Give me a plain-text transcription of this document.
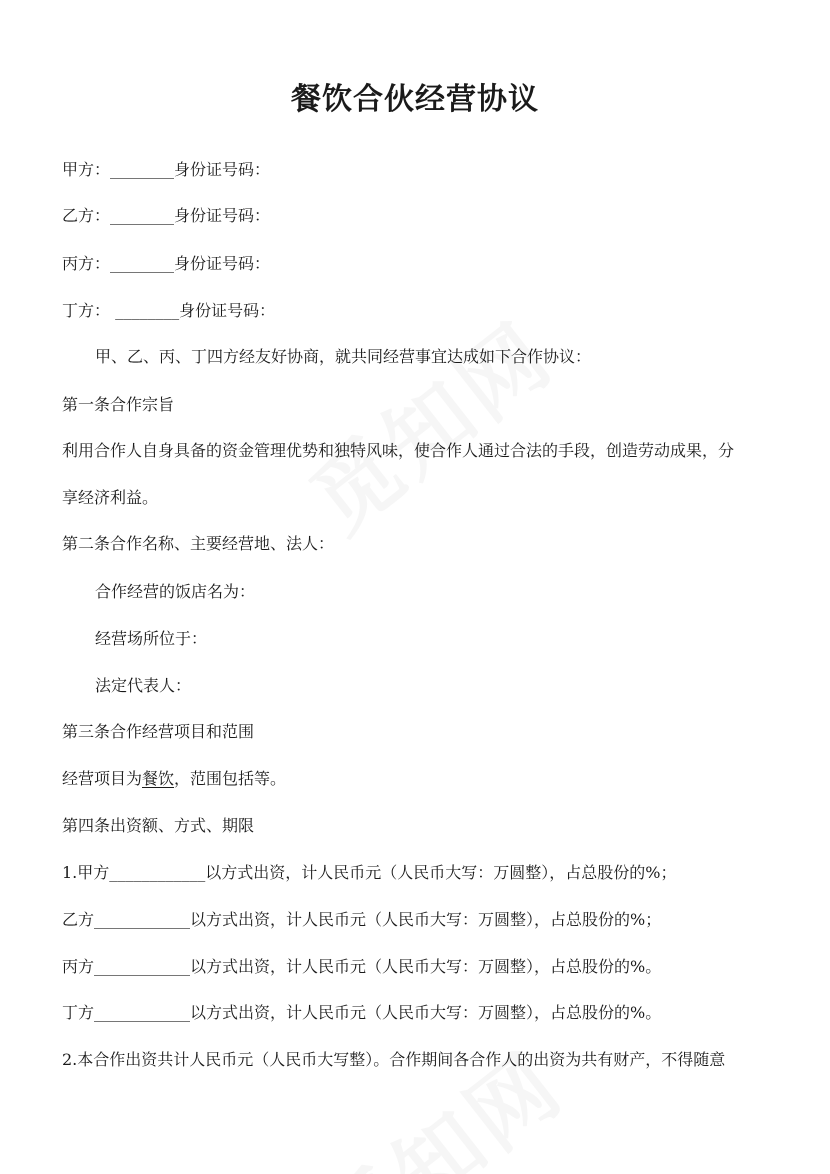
餐饮合伙经营协议
甲方：________身份证号码：
乙方：________身份证号码：
丙方：________身份证号码：
丁方： ________身份证号码：
甲、乙、丙、丁四方经友好协商，就共同经营事宜达成如下合作协议：
第一条合作宗旨
利用合作人自身具备的资金管理优势和独特风味，使合作人通过合法的手段，创造劳动成果，分
享经济利益。
第二条合作名称、主要经营地、法人：
合作经营的饭店名为：
经营场所位于：
法定代表人：
第三条合作经营项目和范围
经营项目为餐饮，范围包括等。
第四条出资额、方式、期限
1.甲方____________以方式出资，计人民币元（人民币大写：万圆整），占总股份的%；
乙方____________以方式出资，计人民币元（人民币大写：万圆整），占总股份的%；
丙方____________以方式出资，计人民币元（人民币大写：万圆整），占总股份的%。
丁方____________以方式出资，计人民币元（人民币大写：万圆整），占总股份的%。
2.本合作出资共计人民币元（人民币大写整）。合作期间各合作人的出资为共有财产，不得随意
